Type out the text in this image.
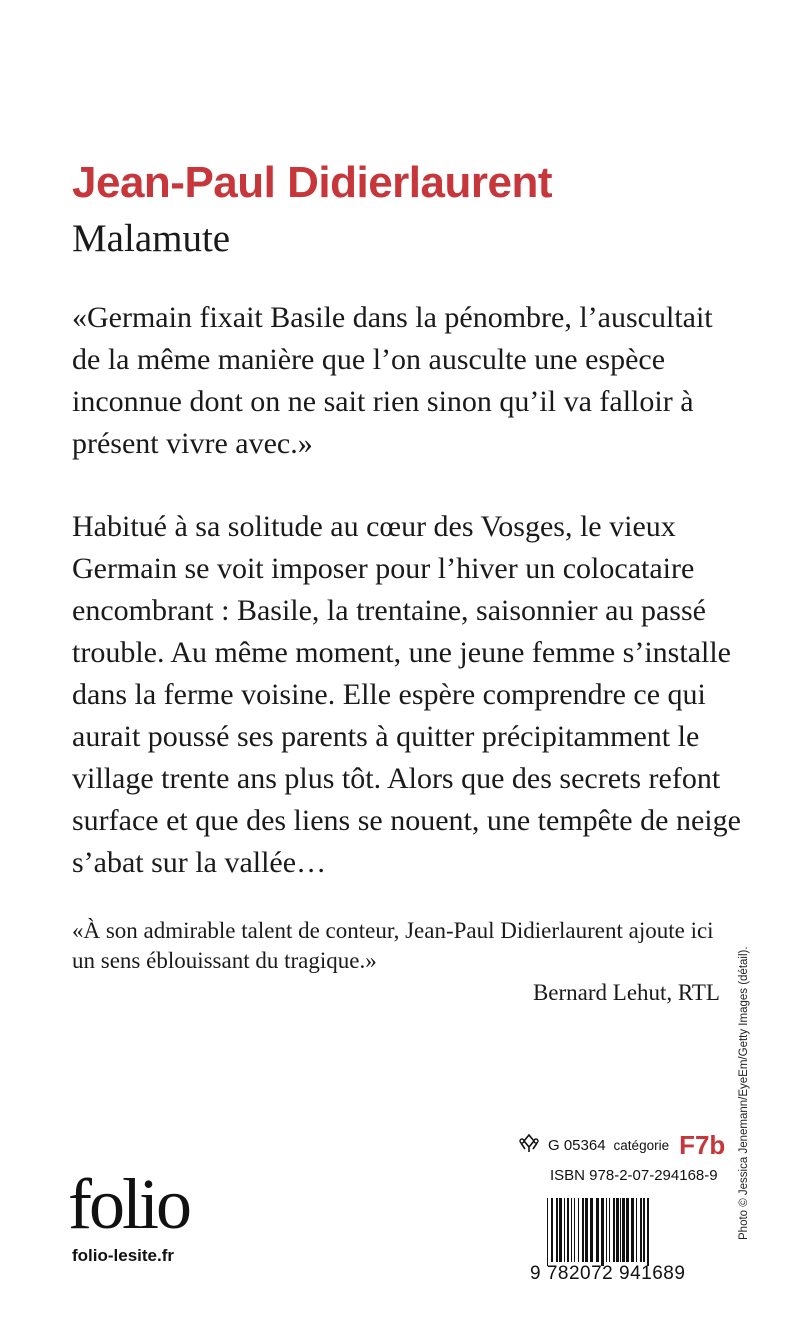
Jean-Paul Didierlaurent
Malamute
«Germain fixait Basile dans la pénombre, l’auscultait
de la même manière que l’on ausculte une espèce
inconnue dont on ne sait rien sinon qu’il va falloir à
présent vivre avec.»
Habitué à sa solitude au cœur des Vosges, le vieux
Germain se voit imposer pour l’hiver un colocataire
encombrant : Basile, la trentaine, saisonnier au passé
trouble. Au même moment, une jeune femme s’installe
dans la ferme voisine. Elle espère comprendre ce qui
aurait poussé ses parents à quitter précipitamment le
village trente ans plus tôt. Alors que des secrets refont
surface et que des liens se nouent, une tempête de neige
s’abat sur la vallée…
«À son admirable talent de conteur, Jean-Paul Didierlaurent ajoute ici
un sens éblouissant du tragique.»
Bernard Lehut, RTL Photo © Jessica Jenemann/EyeEm/Getty Images (détail).
folio
folio-lesite.fr
G 05364 catégorie F7b
ISBN 978-2-07-294168-9
9 782072 941689
